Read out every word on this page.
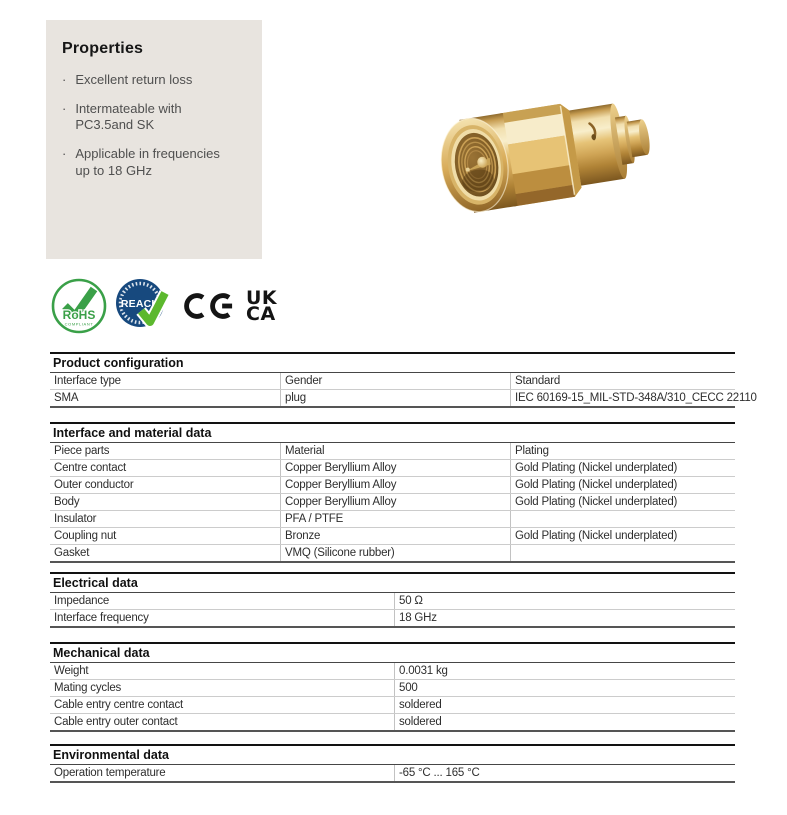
Properties
· Excellent return loss
· Intermateable with PC3.5and SK
· Applicable in frequencies up to 18 GHz
RoHS
COMPLIANT
REACH	UK
CA
Product configuration
Interface type	Gender	Standard
SMA	plug	IEC 60169-15_MIL-STD-348A/310_CECC 22110
Interface and material data
Piece parts	Material	Plating
Centre contact	Copper Beryllium Alloy	Gold Plating (Nickel underplated)
Outer conductor	Copper Beryllium Alloy	Gold Plating (Nickel underplated)
Body	Copper Beryllium Alloy	Gold Plating (Nickel underplated)
Insulator	PFA / PTFE
Coupling nut	Bronze	Gold Plating (Nickel underplated)
Gasket	VMQ (Silicone rubber)
Electrical data
Impedance	50 Ω
Interface frequency	18 GHz
Mechanical data
Weight	0.0031 kg
Mating cycles	500
Cable entry centre contact	soldered
Cable entry outer contact	soldered
Environmental data
Operation temperature	-65 °C ... 165 °C
